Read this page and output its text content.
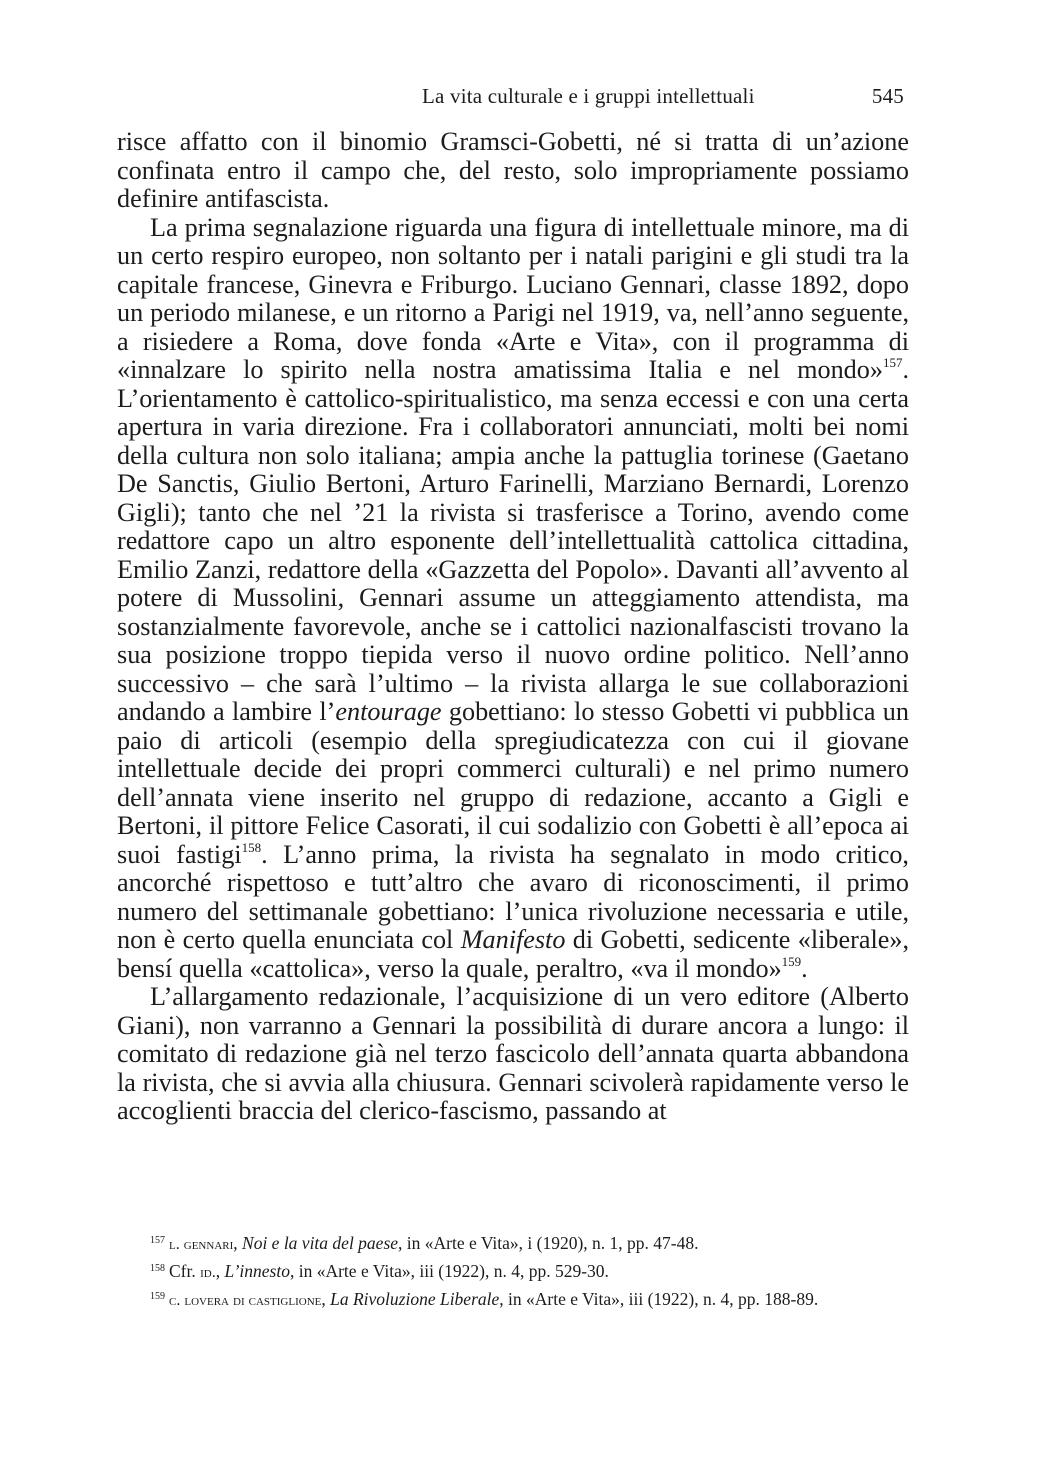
La vita culturale e i gruppi intellettuali	545

risce affatto con il binomio Gramsci-Gobetti, né si tratta di un’azione confinata entro il campo che, del resto, solo impropriamente possiamo definire antifascista.

La prima segnalazione riguarda una figura di intellettuale minore, ma di un certo respiro europeo, non soltanto per i natali parigini e gli studi tra la capitale francese, Ginevra e Friburgo. Luciano Gennari, classe 1892, dopo un periodo milanese, e un ritorno a Parigi nel 1919, va, nell’anno seguente, a risiedere a Roma, dove fonda «Arte e Vita», con il programma di «innalzare lo spirito nella nostra amatissima Italia e nel mondo»$^{157}$. L’orientamento è cattolico-spiritualistico, ma senza eccessi e con una certa apertura in varia direzione. Fra i collaboratori annunciati, molti bei nomi della cultura non solo italiana; ampia anche la pattuglia torinese (Gaetano De Sanctis, Giulio Bertoni, Arturo Farinelli, Marziano Bernardi, Lorenzo Gigli); tanto che nel ’21 la rivista si trasferisce a Torino, avendo come redattore capo un altro esponente dell’intellettualità cattolica cittadina, Emilio Zanzi, redattore della «Gazzetta del Popolo». Davanti all’avvento al potere di Mussolini, Gennari assume un atteggiamento attendista, ma sostanzialmente favorevole, anche se i cattolici nazionalfascisti trovano la sua posizione troppo tiepida verso il nuovo ordine politico. Nell’anno successivo – che sarà l’ultimo – la rivista allarga le sue collaborazioni andando a lambire l’entourage gobettiano: lo stesso Gobetti vi pubblica un paio di articoli (esempio della spregiudicatezza con cui il giovane intellettuale decide dei propri commerci culturali) e nel primo numero dell’annata viene inserito nel gruppo di redazione, accanto a Gigli e Bertoni, il pittore Felice Casorati, il cui sodalizio con Gobetti è all’epoca ai suoi fastigi$^{158}$. L’anno prima, la rivista ha segnalato in modo critico, ancorché rispettoso e tutt’altro che avaro di riconoscimenti, il primo numero del settimanale gobettiano: l’unica rivoluzione necessaria e utile, non è certo quella enunciata col Manifesto di Gobetti, sedicente «liberale», bensí quella «cattolica», verso la quale, peraltro, «va il mondo»$^{159}$.

L’allargamento redazionale, l’acquisizione di un vero editore (Alberto Giani), non varranno a Gennari la possibilità di durare ancora a lungo: il comitato di redazione già nel terzo fascicolo dell’annata quarta abbandona la rivista, che si avvia alla chiusura. Gennari scivolerà rapidamente verso le accoglienti braccia del clerico-fascismo, passando at

$^{157}$ l. gennari, Noi e la vita del paese, in «Arte e Vita», i (1920), n. 1, pp. 47-48.

$^{158}$ Cfr. id., L’innesto, in «Arte e Vita», iii (1922), n. 4, pp. 529-30.

$^{159}$ c. lovera di castiglione, La Rivoluzione Liberale, in «Arte e Vita», iii (1922), n. 4, pp. 188-89.
